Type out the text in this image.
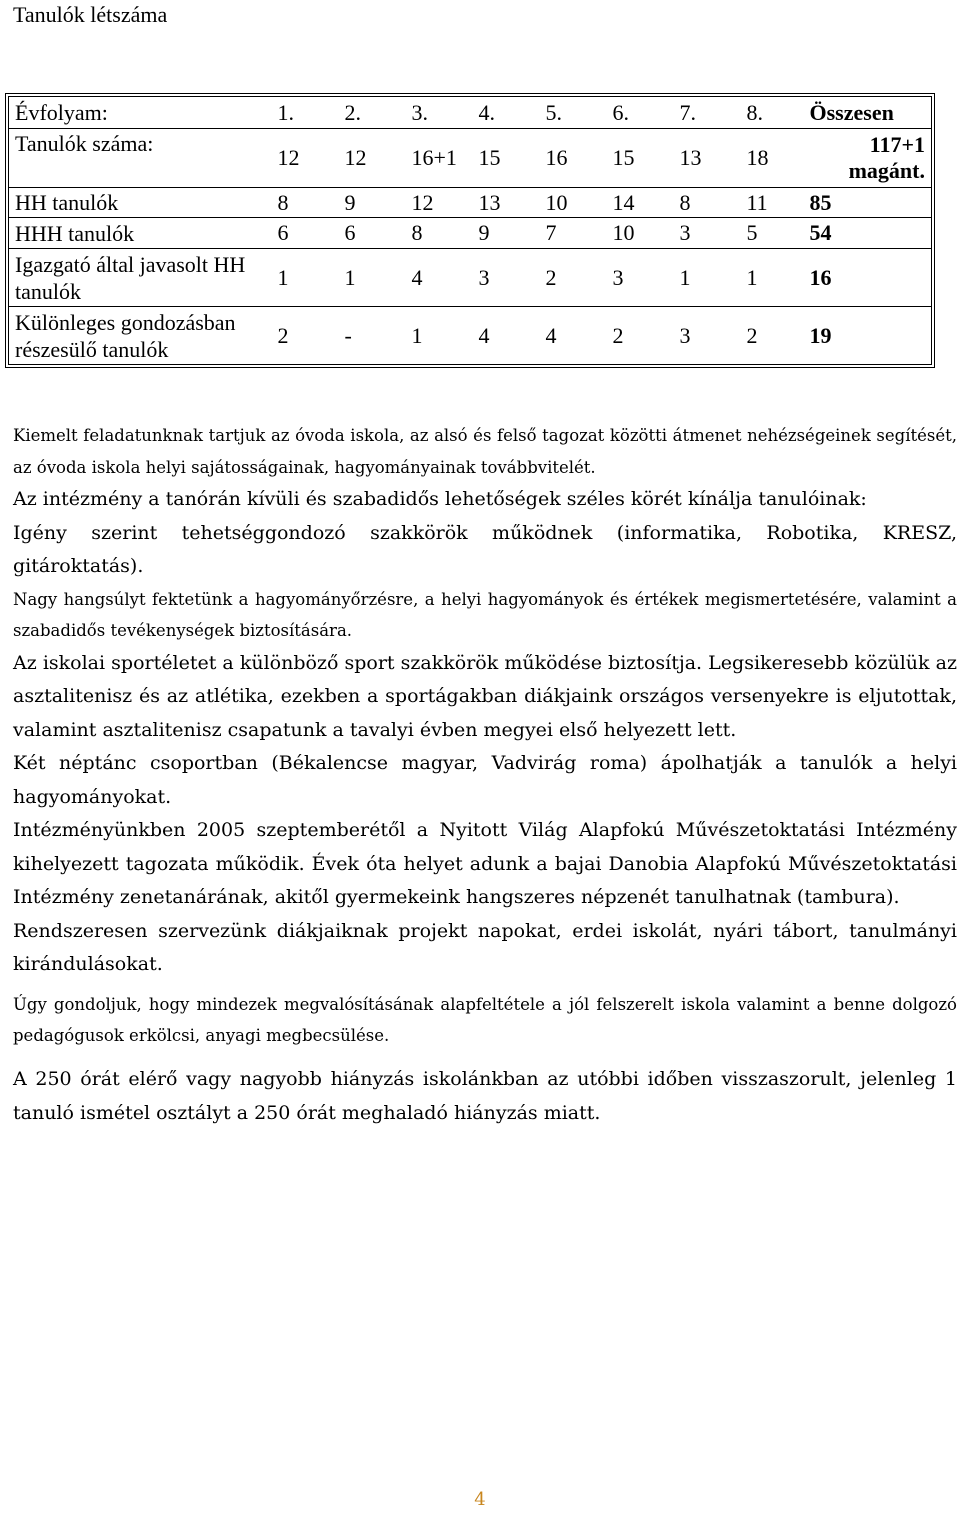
Tanulók létszáma
Évfolyam:	1.	2.	3.	4.	5.	6.	7.	8.	Összesen
Tanulók száma:	12	12	16+1	15	16	15	13	18	117+1 magánt.
HH tanulók	8	9	12	13	10	14	8	11	85
HHH tanulók	6	6	8	9	7	10	3	5	54
Igazgató által javasolt HH tanulók	1	1	4	3	2	3	1	1	16
Különleges gondozásban részesülő tanulók	2	-	1	4	4	2	3	2	19

Kiemelt feladatunknak tartjuk az óvoda iskola, az alsó és felső tagozat közötti átmenet nehézségeinek segítését, az óvoda iskola helyi sajátosságainak, hagyományainak továbbvitelét.

Az intézmény a tanórán kívüli és szabadidős lehetőségek széles körét kínálja tanulóinak:

Igény szerint tehetséggondozó szakkörök működnek (informatika, Robotika, KRESZ, gitároktatás).

Nagy hangsúlyt fektetünk a hagyományőrzésre, a helyi hagyományok és értékek megismertetésére, valamint a szabadidős tevékenységek biztosítására.

Az iskolai sportéletet a különböző sport szakkörök működése biztosítja. Legsikeresebb közülük az asztalitenisz és az atlétika, ezekben a sportágakban diákjaink országos versenyekre is eljutottak, valamint asztalitenisz csapatunk a tavalyi évben megyei első helyezett lett.

Két néptánc csoportban (Békalencse magyar, Vadvirág roma) ápolhatják a tanulók a helyi hagyományokat.

Intézményünkben 2005 szeptemberétől a Nyitott Világ Alapfokú Művészetoktatási Intézmény kihelyezett tagozata működik. Évek óta helyet adunk a bajai Danobia Alapfokú Művészetoktatási Intézmény zenetanárának, akitől gyermekeink hangszeres népzenét tanulhatnak (tambura).

Rendszeresen szervezünk diákjaiknak projekt napokat, erdei iskolát, nyári tábort, tanulmányi kirándulásokat.

Úgy gondoljuk, hogy mindezek megvalósításának alapfeltétele a jól felszerelt iskola valamint a benne dolgozó pedagógusok erkölcsi, anyagi megbecsülése.

A 250 órát elérő vagy nagyobb hiányzás iskolánkban az utóbbi időben visszaszorult, jelenleg 1 tanuló ismétel osztályt a 250 órát meghaladó hiányzás miatt.

4
